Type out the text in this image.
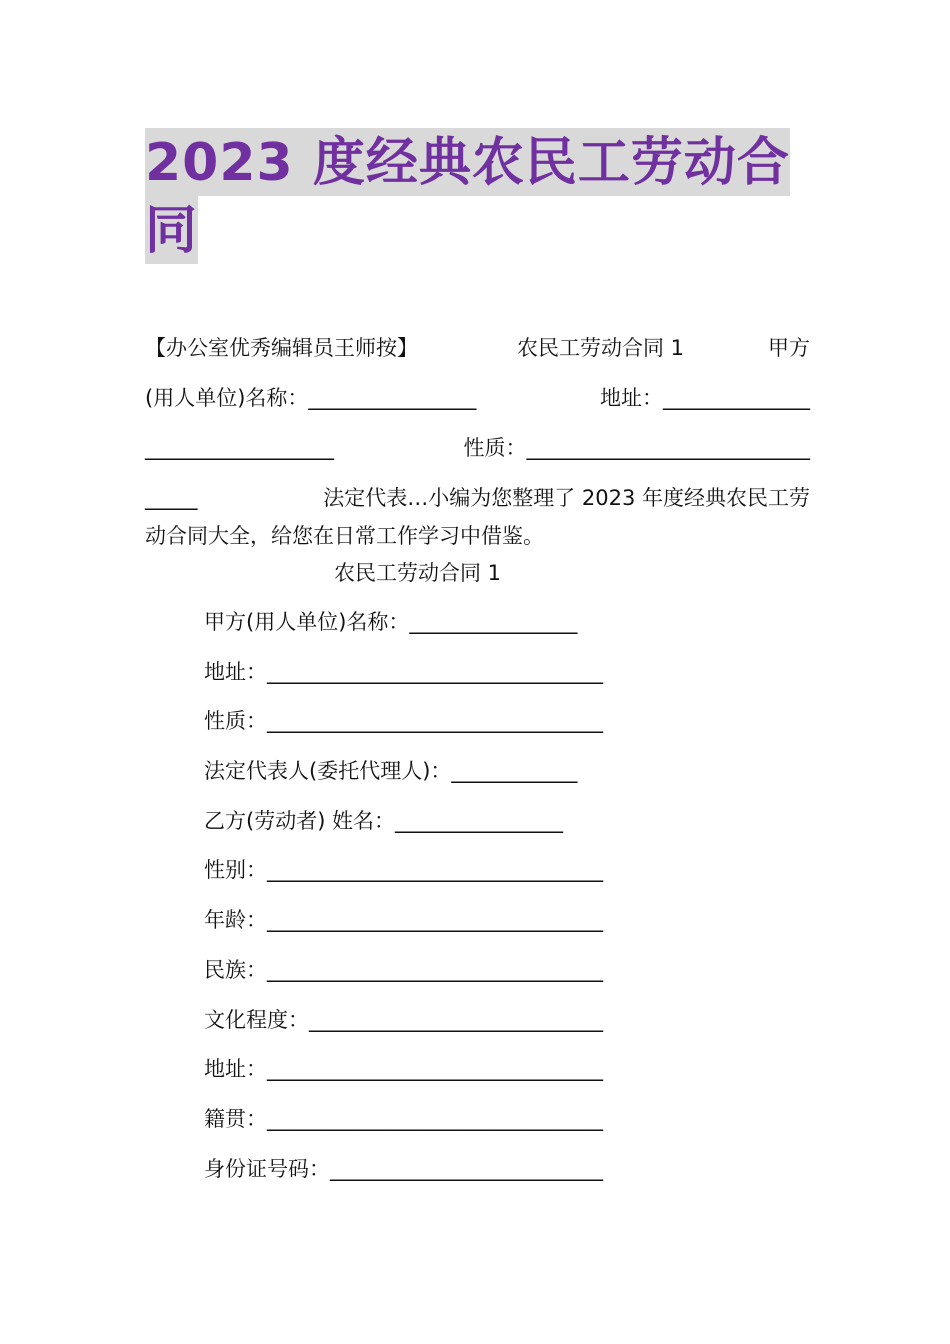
2023 度经典农民工劳动合
同
【办公室优秀编辑员王师按】	农民工劳动合同 1	甲方
(用人单位)名称：________________	地址：______________
__________________	性质：___________________________
_____	法定代表…小编为您整理了 2023 年度经典农民工劳
动合同大全，给您在日常工作学习中借鉴。
农民工劳动合同 1
甲方(用人单位)名称：________________
地址：________________________________
性质：________________________________
法定代表人(委托代理人)：____________
乙方(劳动者) 姓名：________________
性别：________________________________
年龄：________________________________
民族：________________________________
文化程度：____________________________
地址：________________________________
籍贯：________________________________
身份证号码：__________________________
